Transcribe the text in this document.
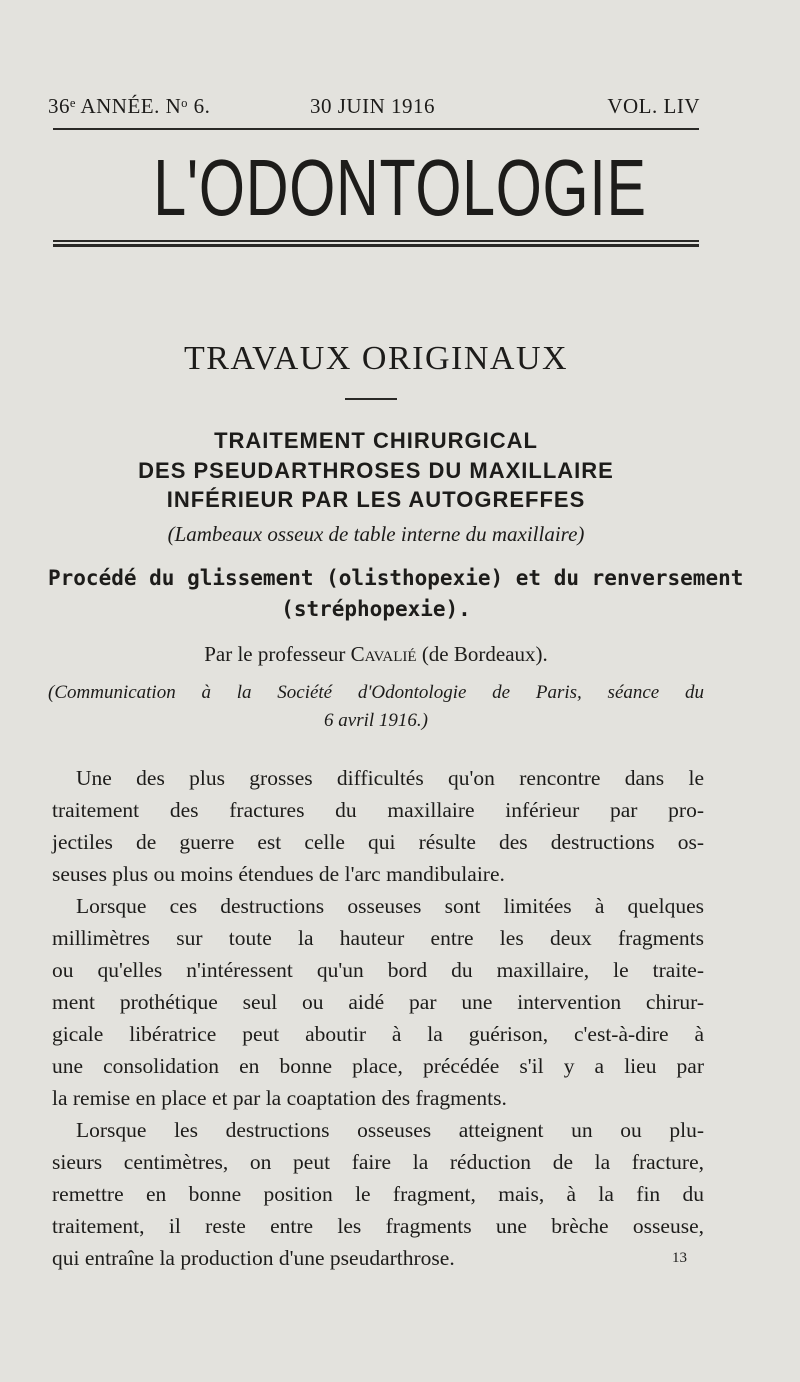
36ᵉ ANNÉE. Nᵒ 6.	30 JUIN 1916	VOL. LIV
L'ODONTOLOGIE
TRAVAUX ORIGINAUX
TRAITEMENT CHIRURGICAL
DES PSEUDARTHROSES DU MAXILLAIRE
INFÉRIEUR PAR LES AUTOGREFFES
(Lambeaux osseux de table interne du maxillaire)
Procédé du glissement (olisthopexie) et du renversement
(stréphopexie).
Par le professeur Cavalié (de Bordeaux).
(Communication à la Société d'Odontologie de Paris, séance du
6 avril 1916.)
Une des plus grosses difficultés qu'on rencontre dans le
traitement des fractures du maxillaire inférieur par pro-
jectiles de guerre est celle qui résulte des destructions os-
seuses plus ou moins étendues de l'arc mandibulaire.
Lorsque ces destructions osseuses sont limitées à quelques
millimètres sur toute la hauteur entre les deux fragments
ou qu'elles n'intéressent qu'un bord du maxillaire, le traite-
ment prothétique seul ou aidé par une intervention chirur-
gicale libératrice peut aboutir à la guérison, c'est-à-dire à
une consolidation en bonne place, précédée s'il y a lieu par
la remise en place et par la coaptation des fragments.
Lorsque les destructions osseuses atteignent un ou plu-
sieurs centimètres, on peut faire la réduction de la fracture,
remettre en bonne position le fragment, mais, à la fin du
traitement, il reste entre les fragments une brèche osseuse,
qui entraîne la production d'une pseudarthrose.	13
